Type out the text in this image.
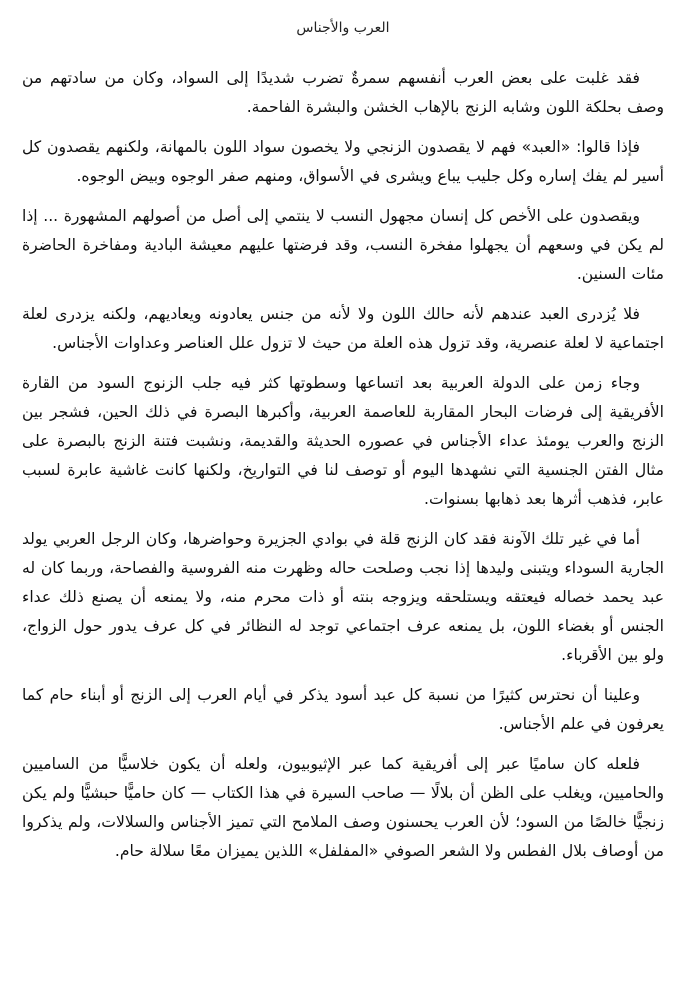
العرب والأجناس

فقد غلبت على بعض العرب أنفسهم سمرةٌ تضرب شديدًا إلى السواد، وكان من سادتهم من وصف بحلكة اللون وشابه الزنج بالإهاب الخشن والبشرة الفاحمة.

فإذا قالوا: «العبد» فهم لا يقصدون الزنجي ولا يخصون سواد اللون بالمهانة، ولكنهم يقصدون كل أسير لم يفك إساره وكل جليب يباع ويشرى في الأسواق، ومنهم صفر الوجوه وبيض الوجوه.

ويقصدون على الأخص كل إنسان مجهول النسب لا ينتمي إلى أصل من أصولهم المشهورة ... إذا لم يكن في وسعهم أن يجهلوا مفخرة النسب، وقد فرضتها عليهم معيشة البادية ومفاخرة الحاضرة مئات السنين.

فلا يُزدرى العبد عندهم لأنه حالك اللون ولا لأنه من جنس يعادونه ويعاديهم، ولكنه يزدرى لعلة اجتماعية لا لعلة عنصرية، وقد تزول هذه العلة من حيث لا تزول علل العناصر وعداوات الأجناس.

وجاء زمن على الدولة العربية بعد اتساعها وسطوتها كثر فيه جلب الزنوج السود من القارة الأفريقية إلى فرضات البحار المقاربة للعاصمة العربية، وأكبرها البصرة في ذلك الحين، فشجر بين الزنج والعرب يومئذ عداء الأجناس في عصوره الحديثة والقديمة، ونشبت فتنة الزنج بالبصرة على مثال الفتن الجنسية التي نشهدها اليوم أو توصف لنا في التواريخ، ولكنها كانت غاشية عابرة لسبب عابر، فذهب أثرها بعد ذهابها بسنوات.

أما في غير تلك الآونة فقد كان الزنج قلة في بوادي الجزيرة وحواضرها، وكان الرجل العربي يولد الجارية السوداء ويتبنى وليدها إذا نجب وصلحت حاله وظهرت منه الفروسية والفصاحة، وربما كان له عبد يحمد خصاله فيعتقه ويستلحقه ويزوجه بنته أو ذات محرم منه، ولا يمنعه أن يصنع ذلك عداء الجنس أو بغضاء اللون، بل يمنعه عرف اجتماعي توجد له النظائر في كل عرف يدور حول الزواج، ولو بين الأقرباء.

وعلينا أن نحترس كثيرًا من نسبة كل عبد أسود يذكر في أيام العرب إلى الزنج أو أبناء حام كما يعرفون في علم الأجناس.

فلعله كان ساميًا عبر إلى أفريقية كما عبر الإثيوبيون، ولعله أن يكون خلاسيًّا من الساميين والحاميين، ويغلب على الظن أن بلالًا — صاحب السيرة في هذا الكتاب — كان حاميًّا حبشيًّا ولم يكن زنجيًّا خالصًا من السود؛ لأن العرب يحسنون وصف الملامح التي تميز الأجناس والسلالات، ولم يذكروا من أوصاف بلال الفطس ولا الشعر الصوفي «المفلفل» اللذين يميزان معًا سلالة حام.
